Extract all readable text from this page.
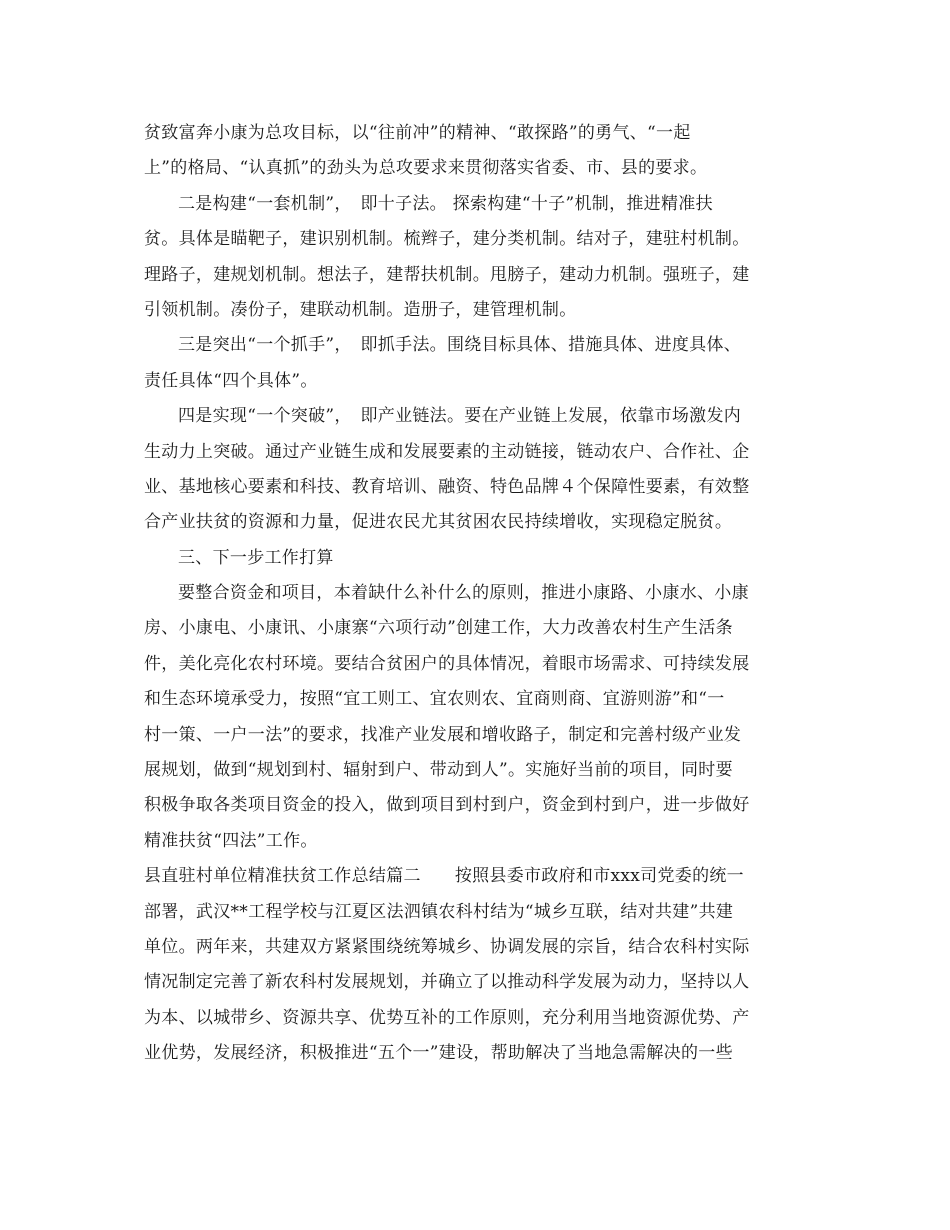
贫致富奔小康为总攻目标，以“往前冲”的精神、“敢探路”的勇气、“一起
上”的格局、“认真抓”的劲头为总攻要求来贯彻落实省委、市、县的要求。
二是构建“一套机制”，　即十子法。 探索构建“十子”机制，推进精准扶
贫。具体是瞄靶子，建识别机制。梳辫子，建分类机制。结对子，建驻村机制。
理路子，建规划机制。想法子，建帮扶机制。甩膀子，建动力机制。强班子，建
引领机制。凑份子，建联动机制。造册子，建管理机制。
三是突出“一个抓手”，　即抓手法。围绕目标具体、措施具体、进度具体、
责任具体“四个具体”。
四是实现“一个突破”，　即产业链法。要在产业链上发展，依靠市场激发内
生动力上突破。通过产业链生成和发展要素的主动链接，链动农户、合作社、企
业、基地核心要素和科技、教育培训、融资、特色品牌４个保障性要素，有效整
合产业扶贫的资源和力量，促进农民尤其贫困农民持续增收，实现稳定脱贫。
三、下一步工作打算
要整合资金和项目，本着缺什么补什么的原则，推进小康路、小康水、小康
房、小康电、小康讯、小康寨“六项行动”创建工作，大力改善农村生产生活条
件，美化亮化农村环境。要结合贫困户的具体情况，着眼市场需求、可持续发展
和生态环境承受力，按照“宜工则工、宜农则农、宜商则商、宜游则游”和“一
村一策、一户一法”的要求，找准产业发展和增收路子，制定和完善村级产业发
展规划，做到“规划到村、辐射到户、带动到人”。实施好当前的项目，同时要
积极争取各类项目资金的投入，做到项目到村到户，资金到村到户，进一步做好
精准扶贫“四法”工作。
县直驻村单位精准扶贫工作总结篇二 按照县委市政府和市xxx司党委的统一
部署，武汉**工程学校与江夏区法泗镇农科村结为“城乡互联，结对共建”共建
单位。两年来，共建双方紧紧围绕统筹城乡、协调发展的宗旨，结合农科村实际
情况制定完善了新农科村发展规划，并确立了以推动科学发展为动力，坚持以人
为本、以城带乡、资源共享、优势互补的工作原则，充分利用当地资源优势、产
业优势，发展经济，积极推进“五个一”建设，帮助解决了当地急需解决的一些
